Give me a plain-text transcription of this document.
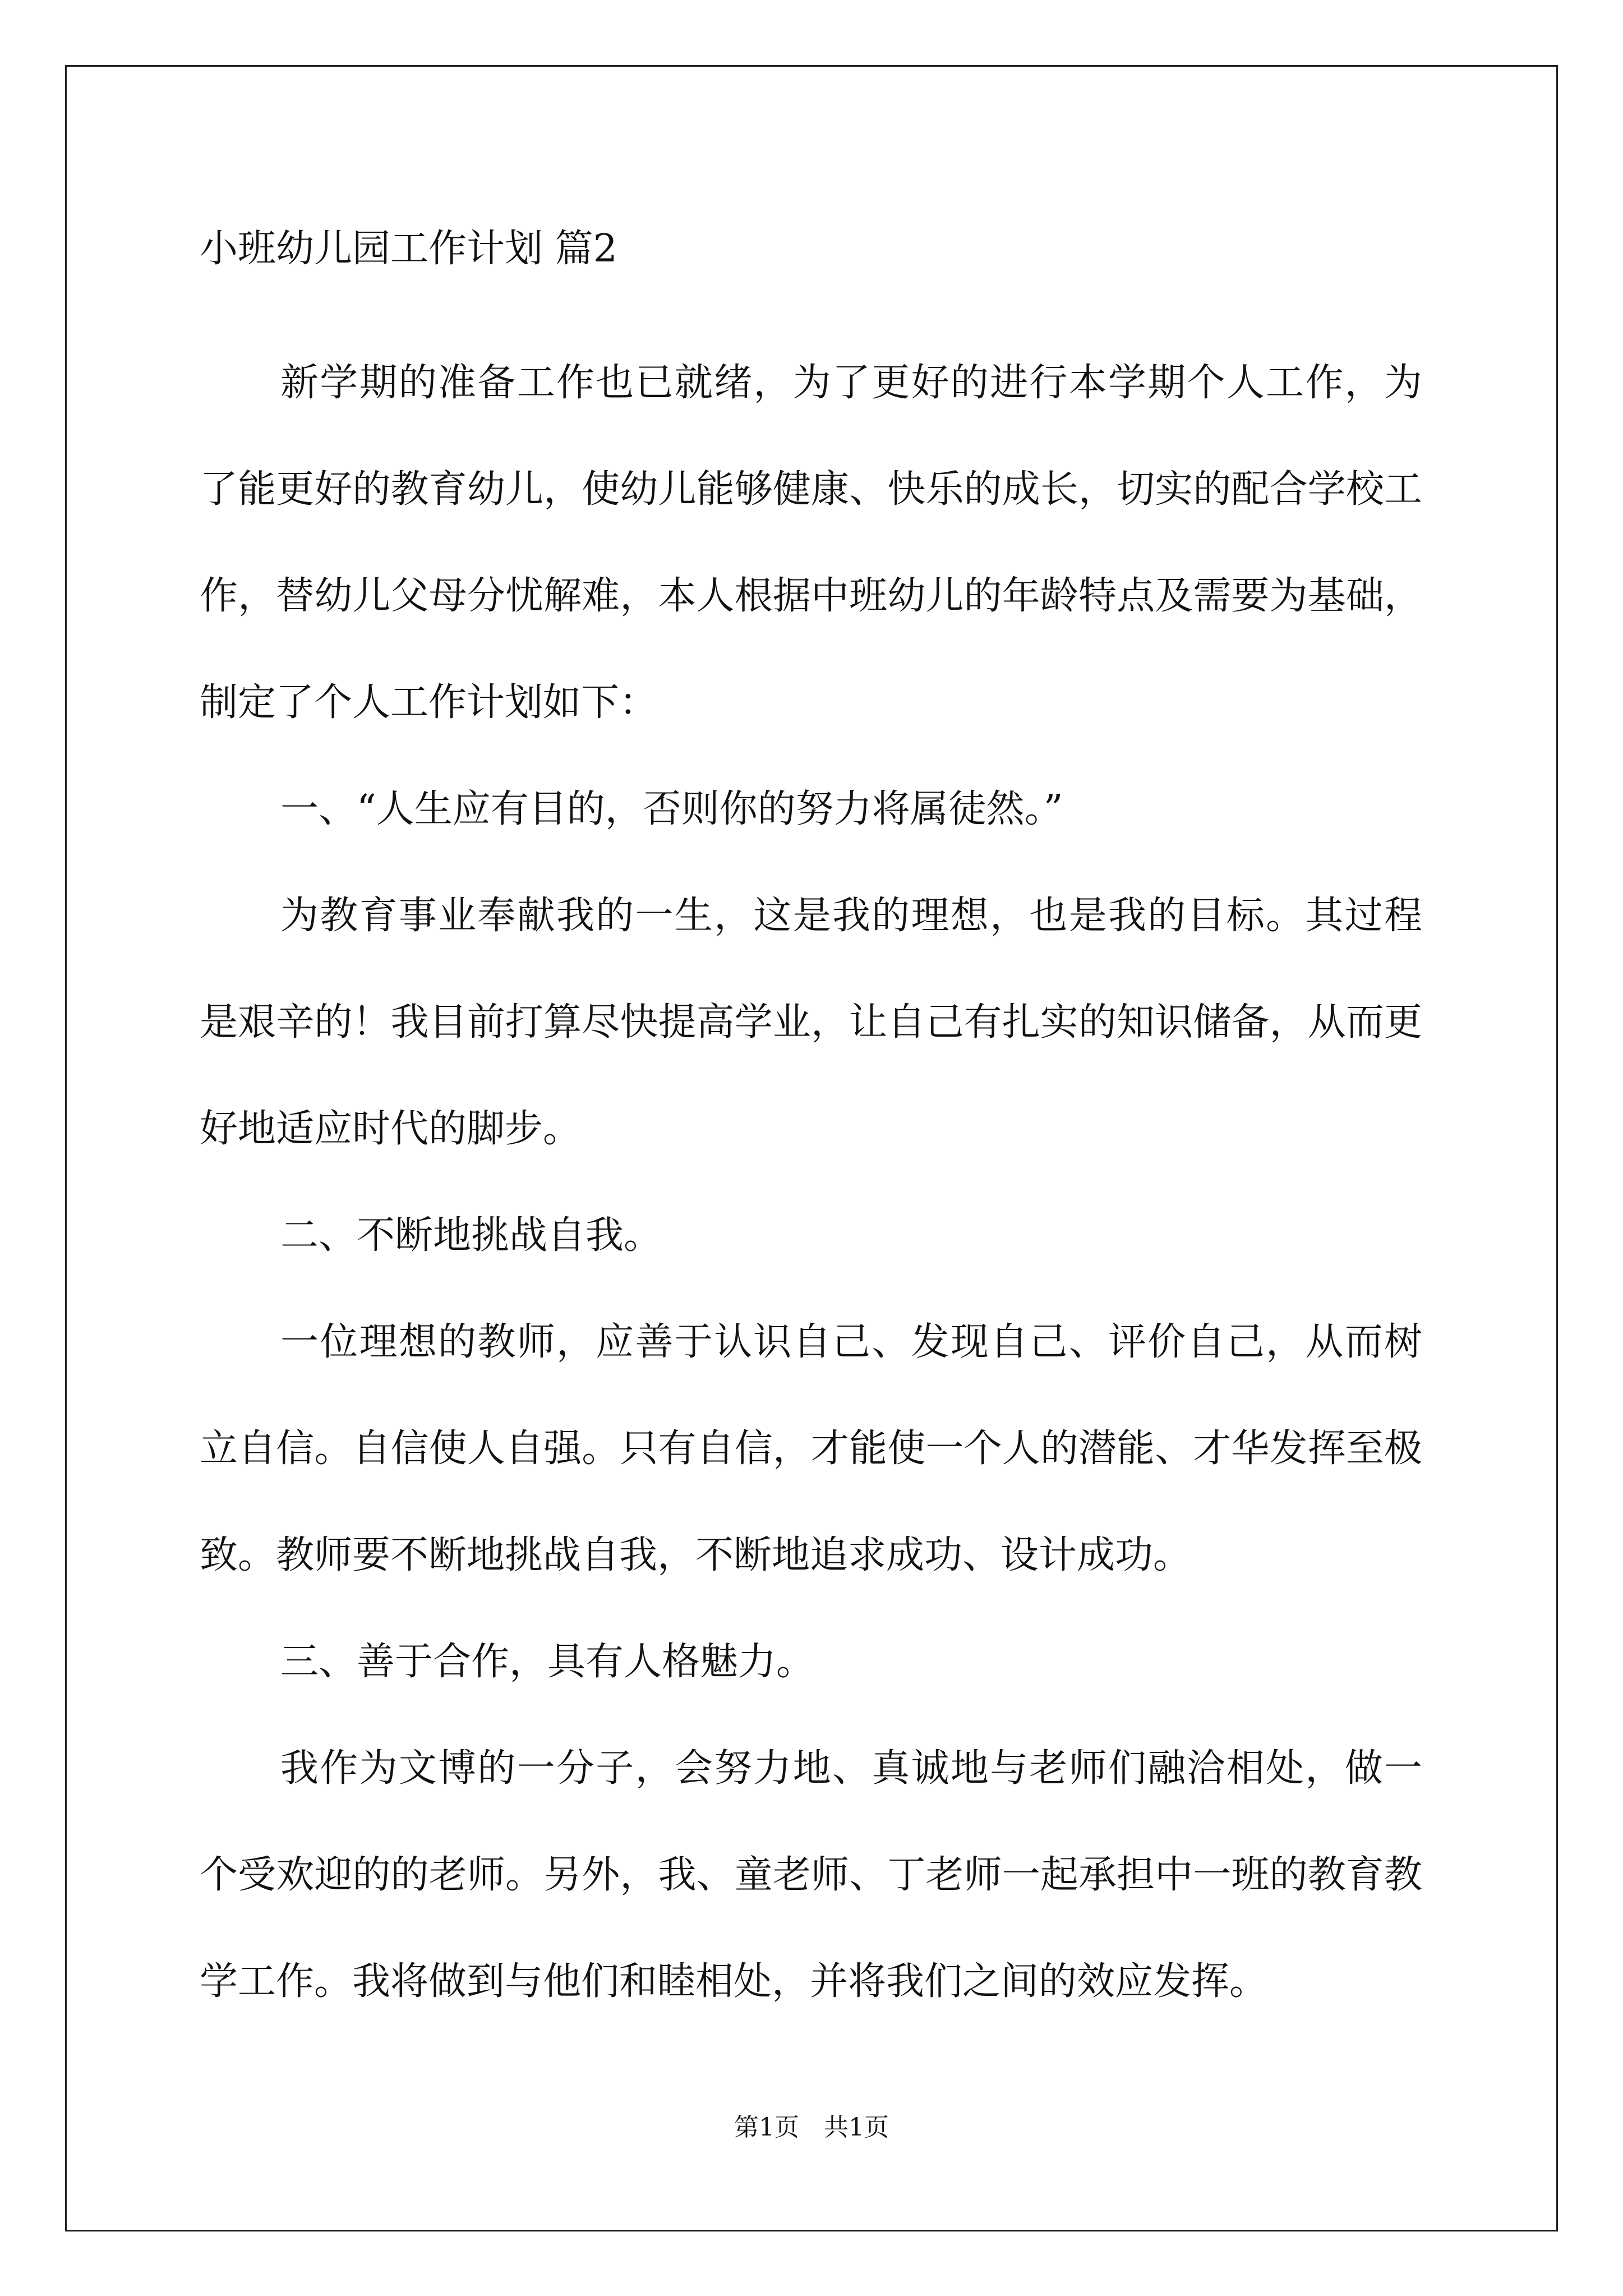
小班幼儿园工作计划 篇2

新学期的准备工作也已就绪，为了更好的进行本学期个人工作，为了能更好的教育幼儿，使幼儿能够健康、快乐的成长，切实的配合学校工作，替幼儿父母分忧解难，本人根据中班幼儿的年龄特点及需要为基础，制定了个人工作计划如下：

一、“人生应有目的，否则你的努力将属徒然。”

为教育事业奉献我的一生，这是我的理想，也是我的目标。其过程是艰辛的！我目前打算尽快提高学业，让自己有扎实的知识储备，从而更好地适应时代的脚步。

二、不断地挑战自我。

一位理想的教师，应善于认识自己、发现自己、评价自己，从而树立自信。自信使人自强。只有自信，才能使一个人的潜能、才华发挥至极致。教师要不断地挑战自我，不断地追求成功、设计成功。

三、善于合作，具有人格魅力。

我作为文博的一分子，会努力地、真诚地与老师们融洽相处，做一个受欢迎的的老师。另外，我、童老师、丁老师一起承担中一班的教育教学工作。我将做到与他们和睦相处，并将我们之间的效应发挥。

第1页　共1页
